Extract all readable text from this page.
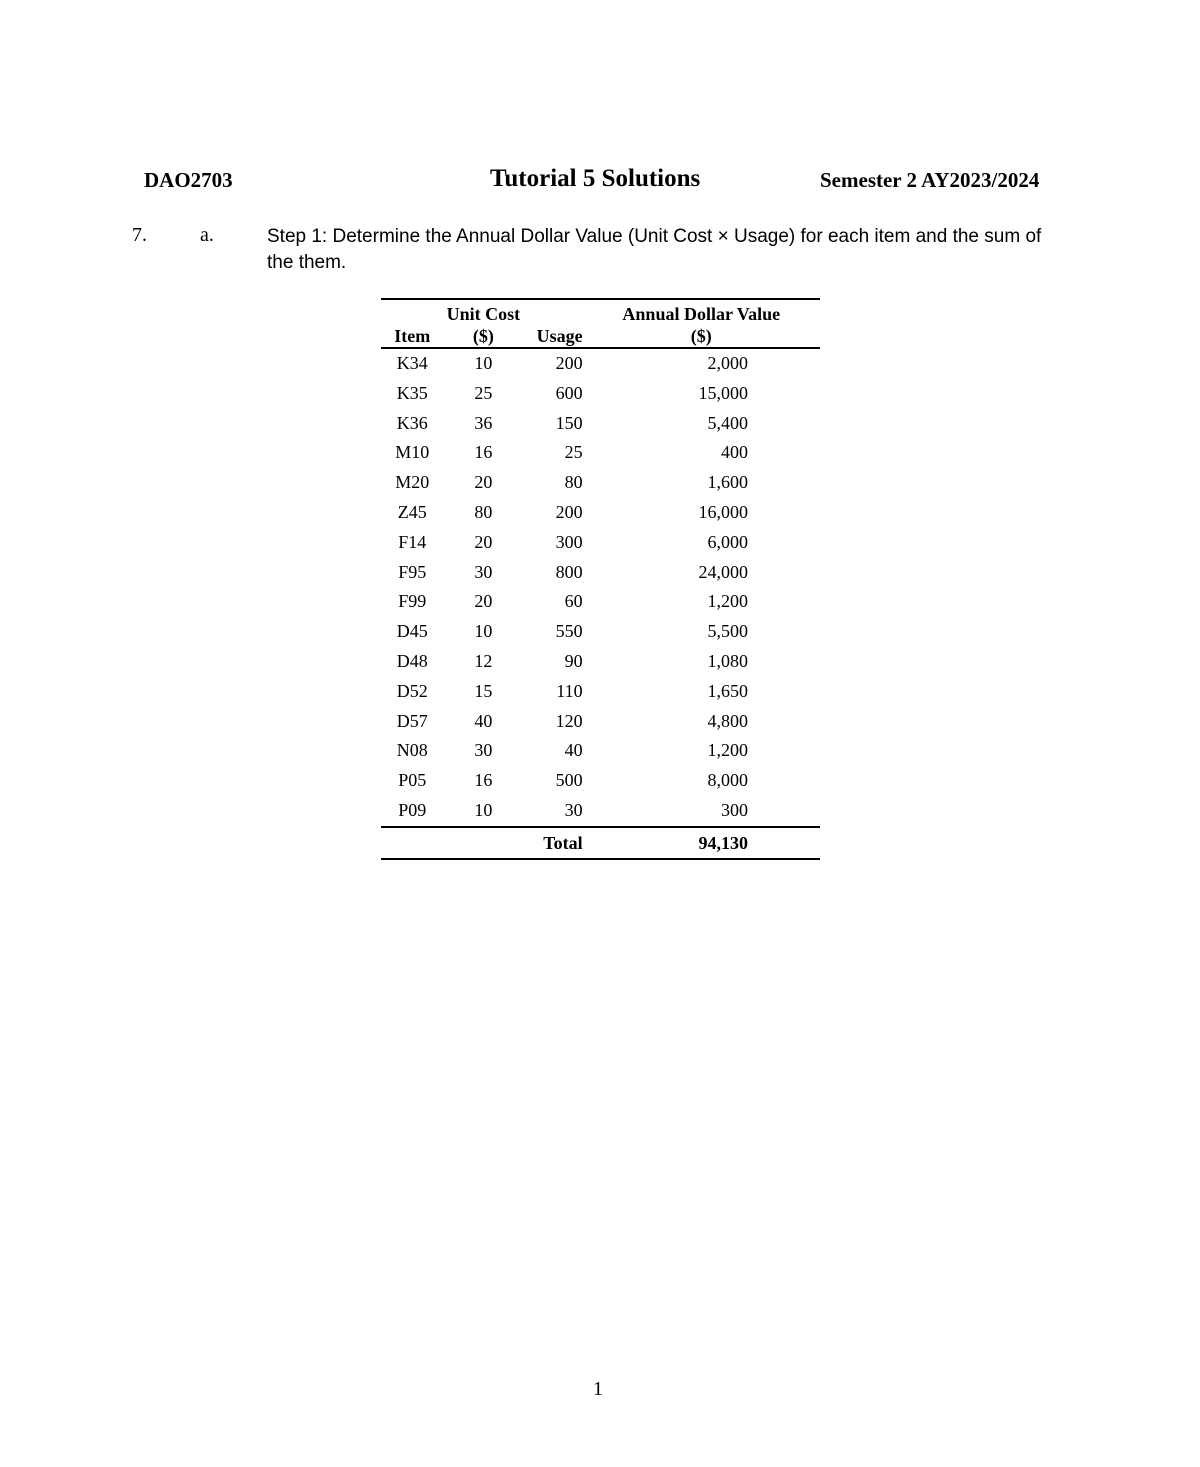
DAO2703	Tutorial 5 Solutions	Semester 2 AY2023/2024
7.	a.	Step 1: Determine the Annual Dollar Value (Unit Cost × Usage) for each item and the sum of the them.
	Unit Cost		Annual Dollar Value
Item	($)	Usage	($)
K34	10	200	2,000
K35	25	600	15,000
K36	36	150	5,400
M10	16	25	400
M20	20	80	1,600
Z45	80	200	16,000
F14	20	300	6,000
F95	30	800	24,000
F99	20	60	1,200
D45	10	550	5,500
D48	12	90	1,080
D52	15	110	1,650
D57	40	120	4,800
N08	30	40	1,200
P05	16	500	8,000
P09	10	30	300
		Total	94,130
1
